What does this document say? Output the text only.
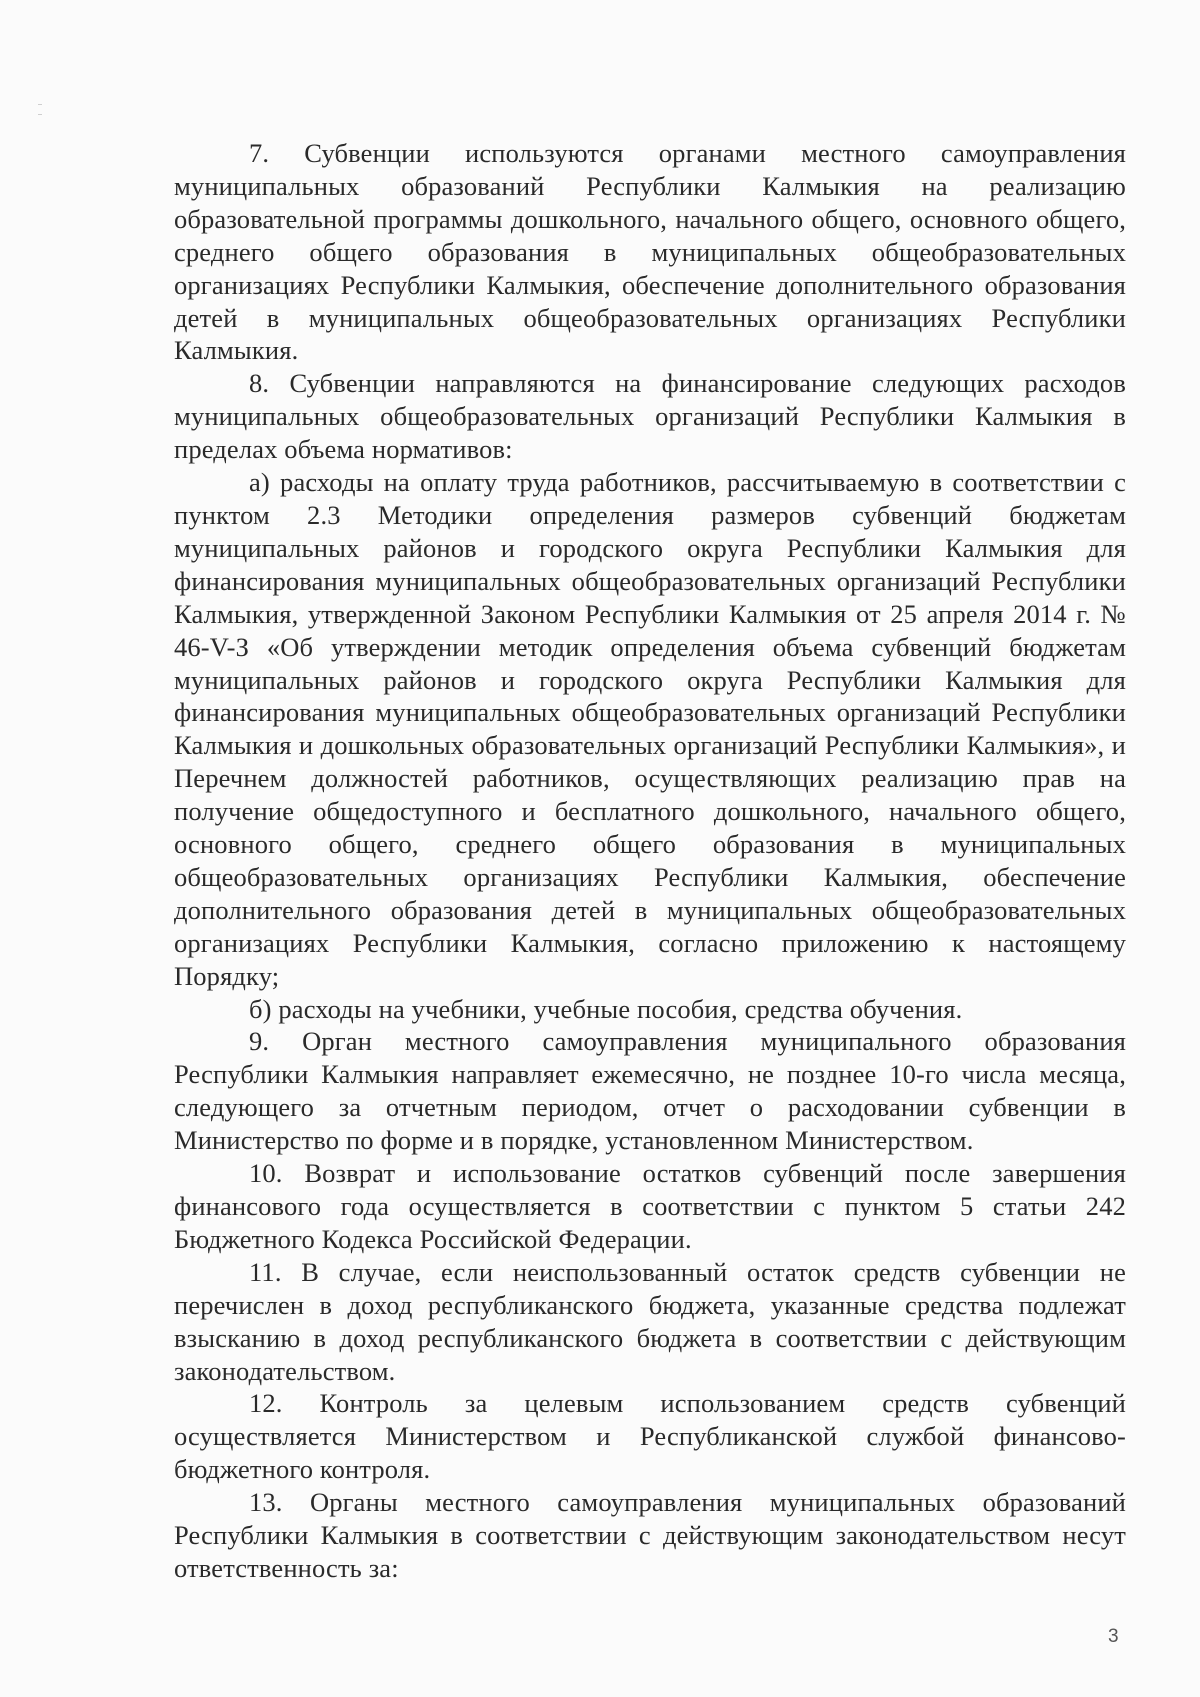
7. Субвенции используются органами местного самоуправления муниципальных образований Республики Калмыкия на реализацию образовательной программы дошкольного, начального общего, основного общего, среднего общего образования в муниципальных общеобразовательных организациях Республики Калмыкия, обеспечение дополнительного образования детей в муниципальных общеобразовательных организациях Республики Калмыкия.

8. Субвенции направляются на финансирование следующих расходов муниципальных общеобразовательных организаций Республики Калмыкия в пределах объема нормативов:

а) расходы на оплату труда работников, рассчитываемую в соответствии с пунктом 2.3 Методики определения размеров субвенций бюджетам муниципальных районов и городского округа Республики Калмыкия для финансирования муниципальных общеобразовательных организаций Республики Калмыкия, утвержденной Законом Республики Калмыкия от 25 апреля 2014 г. № 46-V-З «Об утверждении методик определения объема субвенций бюджетам муниципальных районов и городского округа Республики Калмыкия для финансирования муниципальных общеобразовательных организаций Республики Калмыкия и дошкольных образовательных организаций Республики Калмыкия», и Перечнем должностей работников, осуществляющих реализацию прав на получение общедоступного и бесплатного дошкольного, начального общего, основного общего, среднего общего образования в муниципальных общеобразовательных организациях Республики Калмыкия, обеспечение дополнительного образования детей в муниципальных общеобразовательных организациях Республики Калмыкия, согласно приложению к настоящему Порядку;

б) расходы на учебники, учебные пособия, средства обучения.

9. Орган местного самоуправления муниципального образования Республики Калмыкия направляет ежемесячно, не позднее 10-го числа месяца, следующего за отчетным периодом, отчет о расходовании субвенции в Министерство по форме и в порядке, установленном Министерством.

10. Возврат и использование остатков субвенций после завершения финансового года осуществляется в соответствии с пунктом 5 статьи 242 Бюджетного Кодекса Российской Федерации.

11. В случае, если неиспользованный остаток средств субвенции не перечислен в доход республиканского бюджета, указанные средства подлежат взысканию в доход республиканского бюджета в соответствии с действующим законодательством.

12. Контроль за целевым использованием средств субвенций осуществляется Министерством и Республиканской службой финансово-бюджетного контроля.

13. Органы местного самоуправления муниципальных образований Республики Калмыкия в соответствии с действующим законодательством несут ответственность за:

3
